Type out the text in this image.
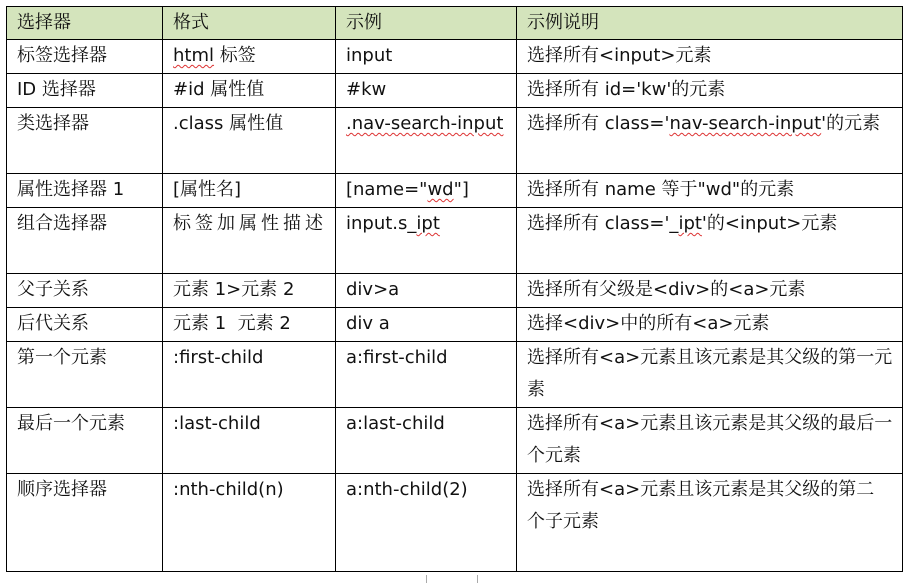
选择器	格式	示例	示例说明
标签选择器	html 标签	input	选择所有<input>元素
ID 选择器	#id 属性值	#kw	选择所有 id='kw'的元素
类选择器	.class 属性值	.nav-search-input	选择所有 class='nav-search-input'的元素
属性选择器 1	[属性名]	[name="wd"]	选择所有 name 等于"wd"的元素
组合选择器	标签加属性描述	input.s_ipt	选择所有 class='_ipt'的<input>元素
父子关系	元素 1>元素 2	div>a	选择所有父级是<div>的<a>元素
后代关系	元素 1  元素 2	div a	选择<div>中的所有<a>元素
第一个元素	:first-child	a:first-child	选择所有<a>元素且该元素是其父级的第一元素
最后一个元素	:last-child	a:last-child	选择所有<a>元素且该元素是其父级的最后一个元素
顺序选择器	:nth-child(n)	a:nth-child(2)	选择所有<a>元素且该元素是其父级的第二
个子元素
